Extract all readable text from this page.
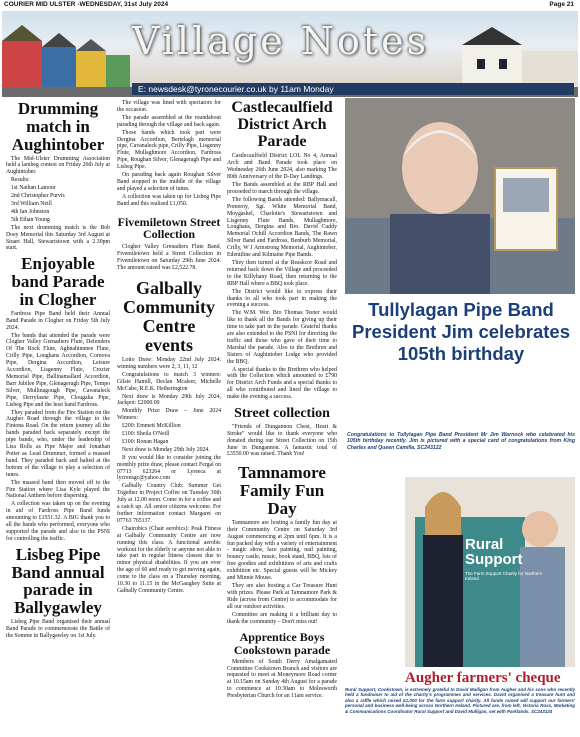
COURIER MID ULSTER -WEDNESDAY, 31st July 2024	Page 21
Village Notes
E: newsdesk@tyronecourier.co.uk by 11am Monday
Drumming match in Aughintober

The Mid-Ulster Drumming Association held a lambeg contest on Friday 26th July at Aughintober.

Results:

1st Nathan Lamour

2nd Christopher Purvis

3rd William Neill

4th Ian Johnston

5th Ethan Young

The next drumming match is the Bob Doey Memorial this Saturday 3rd August at Stuart Hall, Stewartstown with a 2.30pm start.

Enjoyable band Parade in Clogher

Fardross Pipe Band held their Annual Band Parade in Clogher on Friday 5th July 2024.

The bands that attended the parade were Clogher Valley Grenadiers Flute, Defenders Of The Rock Flute, Aghnahinnnee Flute, Crilly Pipe, Loughans Accordion, Cornova Pipe, Dergina Accordion, Leisure Accordion, Lisgenny Flute, Crozier Memorial Pipe, Ballinamallard Accordion, Barr Jubilee Pipe, Glenageragh Pipe, Tempo Silver, Mullinagough Pipe, Cavanaleck Pipe, Derryfasne Pipe, Clougaha Pipe, Lisbeg Pipe and the host band Fardross.

They paraded from the Fire Station on the Augher Road through the village to the Fintona Road. On the return journey all the bands paraded back separately except the pipe bands, who, under the leadership of Lisa Rolls as Pipe Major and Jonathan Potter as Lead Drummer, formed a massed band. They paraded back and halted at the bottom of the village to play a selection of tunes.

The massed band then moved off to the Fire Station where Lisa Kyle played the National Anthem before dispersing.

A collection was taken up on the evening in aid of Fardross Pipe Band funds amounting to £1551.32. A BIG thank you to all the bands who performed, everyone who supported the parade and also to the PSNI for controlling the traffic.

Lisbeg Pipe Band annual parade in Ballygawley

Lisbeg Pipe Band organised their annual Band Parade to commemorate the Battle of the Somme in Ballygawley on 1st July.

The village was lined with spectators for the occasion.

The parade assembled at the roundabout parading through the village and back again.

Those bands which took part were Dergina Accordion, Bertelagh memorial pipe, Cavanaleck pipe, Crilly Pipe, Lisgenny Flute, Mullaghmore Accordion, Fardross Pipe, Roughan Silver, Glenageragh Pipe and Lisbeg Pipe.

On parading back again Roughan Silver Band stopped in the middle of the village and played a selection of tunes.

A collection was taken up for Lisbeg Pipe Band and this realised £1,050.

Fivemiletown Street Collection

Clogher Valley Grenadiers Flute Band, Fivemiletown held a Street Collection in Fivemiletown on Saturday 29th June 2024. The amount raised was £2,522.78.

Galbally Community Centre events

Lotto Draw: Monday 22nd July 2024: winning numbers were 2, 3, 11, 12

Congratulations to match 3 winners: Gilsie Hamill, Declan Mcaleer, Michelle McCabe, R.E.K. Hetherington

Next draw is Monday 29th July 2024, Jackpot: £2000.00

Monthly Prize Draw – June 2024 Winners:

£200: Emmett McKillion

£100: Sheila O'Neill

£100: Ronan Hagan

Next draw is Monday 29th July 2024.

If you would like to consider joining the monthly prize draw, please contact Fergal on 07713 623264 or Lyreeca at lycreeagc@yahoo.com

Galbally Country Club: Summer Get Together in Project Coffee on Tuesday 30th July at 12.00 noon. Come in for a coffee and a catch up. All senior citizens welcome. For further information contact Margaret on 07763 765137.

Chairobics (Chair aerobics): Peak Fitness at Galbally Community Centre are now running this class. A functional aerobic workout for the elderly or anyone not able to take part in regular fitness classes due to minor physical disabilities. If you are over the age of 60 and ready to get moving again, come to the class on a Thursday morning, 10.30 to 11.15 in the McGaughey Suite at Galbally Community Centre.

Castlecaulfield District Arch Parade

Castlecaulfield District LOL No 4, Annual Arch and Band Parade took place on Wednesday 26th June 2024, also marking The 80th Anniversary of the D-Day Landings.

The Bands assembled at the RBP Hall and proceeded to march through the village.

The following Bands attended: Ballymacall, Pomeroy, Sgt. White Memorial Band, Moygashel, Charlotte's Stewartstown and Lisgenny Flute Bands, Mullaghmore, Loughans, Dergina and Bro. David Cuddy Memorial Ochill Accordion Bands, The Rawn Silver Band and Fardross, Benburb Memorial, Crilly, W J Armstrong Memorial, Aughintober, Edentiline and Kilmaine Pipe Bands.

They then turned at the Reaskcor Road and returned back down the Village and proceeded to the Killyhany Road, then returning to the RBP Hall where a BBQ took place.

The District would like to express their thanks to all who took part in making the evening a success.

The W.M. Wor. Bro Thomas Teeter would like to thank all the Bands for giving up their time to take part in the parade. Grateful thanks are also extended to the PSNI for directing the traffic and those who gave of their time to Marshal the parade. Also to the Brethren and Sisters of Aughintober Lodge who provided the BBQ.

A special thanks to the Brethren who helped with the Collection which amounted to £790 for District Arch Funds and a special thanks to all who contributed and lined the village to make the evening a success.

Street collection

"Friends of Dungannon Chest, Heart & Stroke" would like to thank everyone who donated during our Street Collection on 15th June in Dungannon. A fantastic total of £3550.00 was raised. Thank You!

Tamnamore Family Fun Day

Tamnamore are hosting a family fun day at their Community Centre on Saturday 3rd August commencing at 2pm until 6pm. It is a fun packed day with a variety of entertainment - magic show, face painting, nail painting, bouncy castle, music, book stand, BBQ, lots of free goodies and exhibitions of arts and crafts exhibition etc. Special guests will be Mickey and Minnie Mouse.

They are also hosting a Car Treasure Hunt with prizes. Please Park at Tamnamore Park & Ride (across from Centre) to accommodate for all our outdoor activities.

Committee are making it a brilliant day to thank the community – Don't miss out!

Apprentice Boys Cookstown parade

Members of South Derry Amalgamated Committee Cookstown Branch and visitors are requested to meet at Moneymore Road corner at 10.15am on Sunday 4th August for a parade to commence at 10.30am to Molesworth Presbyterian Church for an 11am service.

Tullylagan Pipe Band President Jim celebrates 105th birthday
Congratulations to Tullylagan Pipe Band President Mr Jim Warnock who celebrated his 105th birthday recently. Jim is pictured with a special card of congratulations from King Charles and Queen Camilla. SC243122
Rural Support
The Farm Support Charity for Northern Ireland
Augher farmers' cheque
Rural Support, Cookstown, is extremely grateful to David Mulligan from Augher and his sons who recently held a fundraiser to aid of the charity's programmes and services. David organised a treasure hunt and also a raffle which raised £1,000 for the farm support charity. All funds raised will support our farmers' personal and business well-being across Northern Ireland. Pictured are, from left, Victoria Ross, Marketing & Communications Coordinator Rural Support and David Mulligan, set with Parklands. SC243124
